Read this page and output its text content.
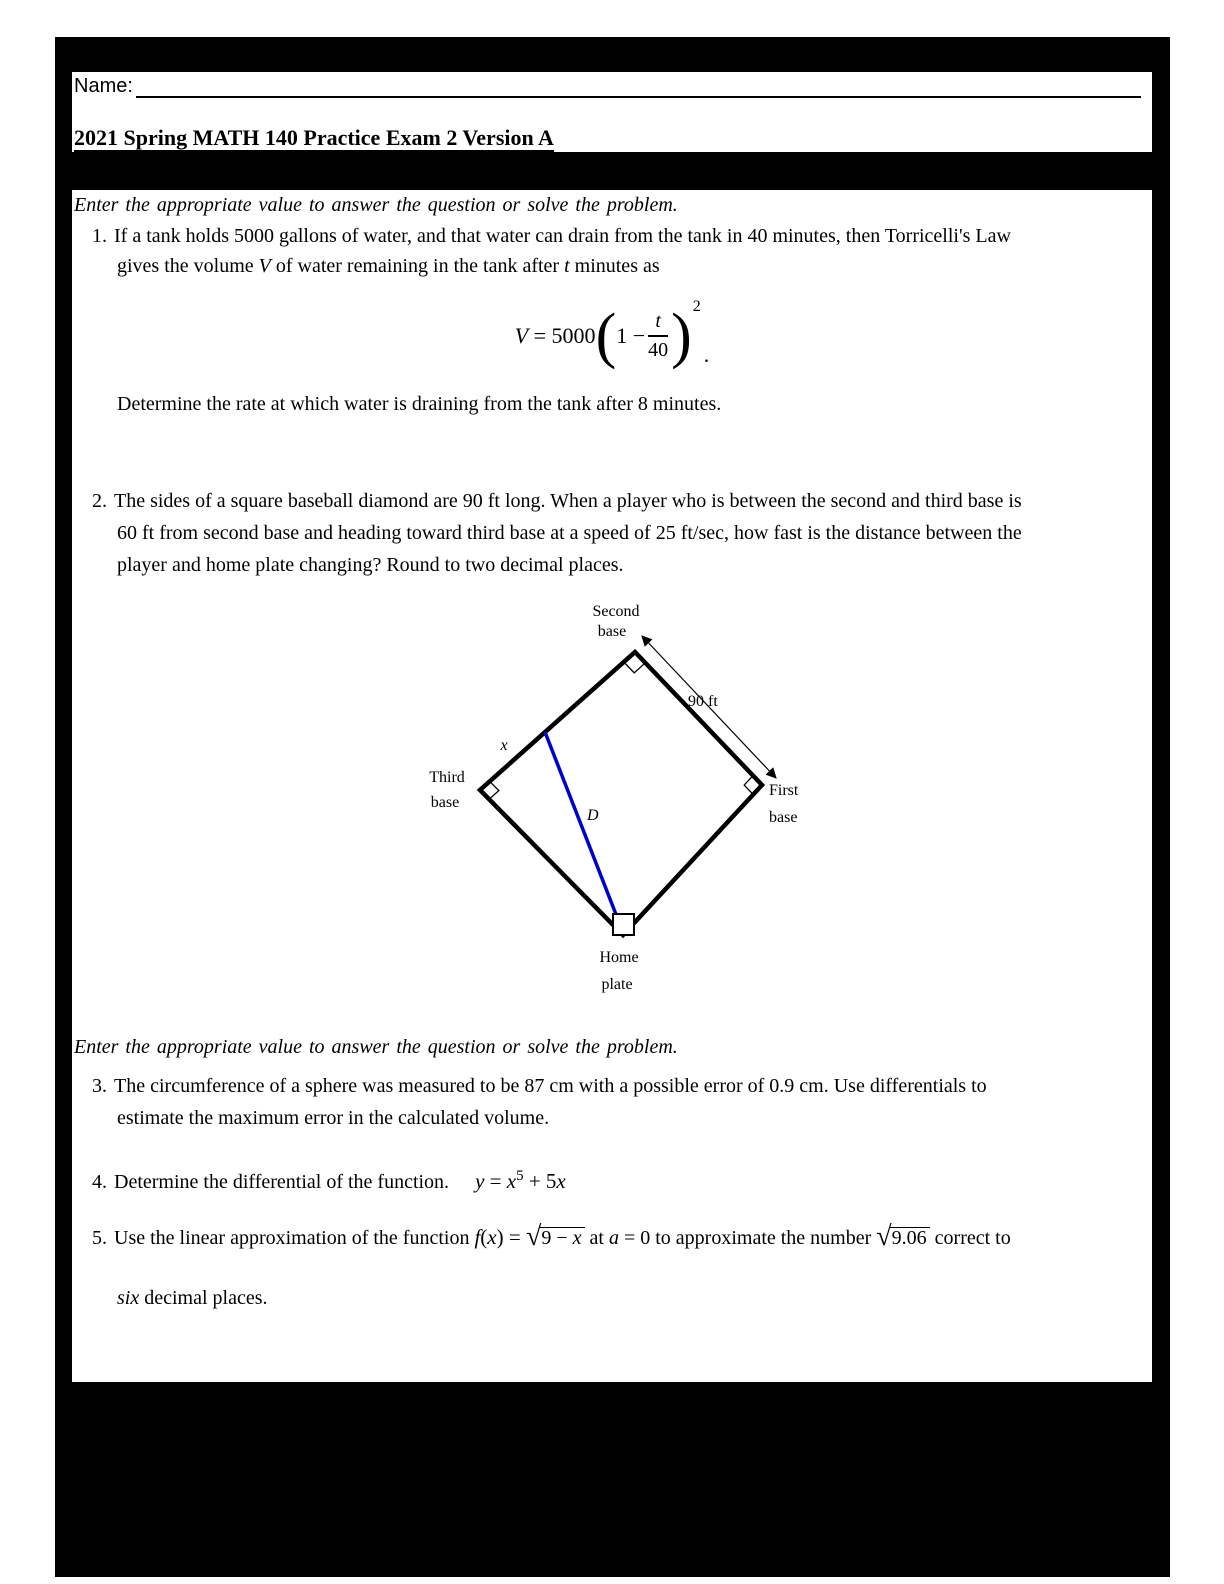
Name:
2021 Spring MATH 140 Practice Exam 2 Version A
Enter the appropriate value to answer the question or solve the problem.
1. If a tank holds 5000 gallons of water, and that water can drain from the tank in 40 minutes, then Torricelli's Law
gives the volume V of water remaining in the tank after t minutes as
V = 5000 ( $1 - \frac{t}{40}$ ) 2
.
Determine the rate at which water is draining from the tank after 8 minutes.
2. The sides of a square baseball diamond are 90 ft long. When a player who is between the second and third base is
60 ft from second base and heading toward third base at a speed of 25 ft/sec, how fast is the distance between the
player and home plate changing? Round to two decimal places.
Second
base
90 ft
x
Third
base
First
base
D
Home
plate
Enter the appropriate value to answer the question or solve the problem.
3. The circumference of a sphere was measured to be 87 cm with a possible error of 0.9 cm. Use differentials to
estimate the maximum error in the calculated volume.
4. Determine the differential of the function. $y = x^5 + 5x$
5. Use the linear approximation of the function f(x) = √9 − x at a = 0 to approximate the number √9.06 correct to
six decimal places.
